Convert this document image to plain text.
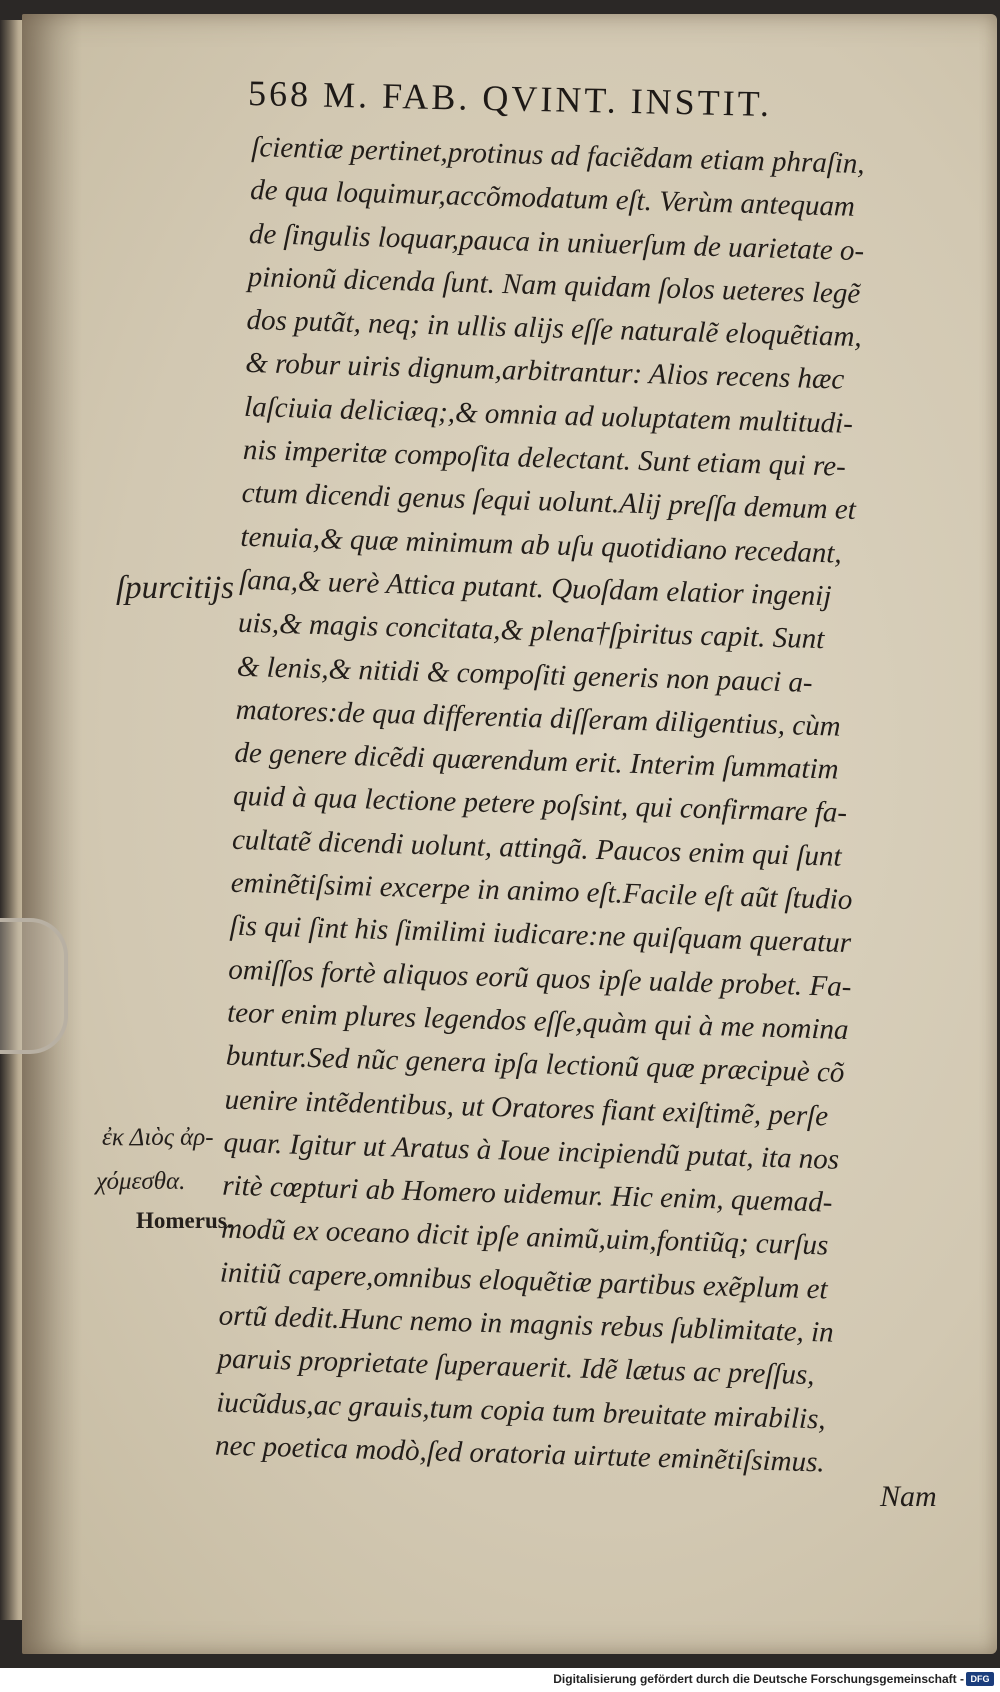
568 M. FAB. QVINT. INSTIT.
ſcientiæ pertinet,protinus ad faciẽdam etiam phraſin,
de qua loquimur,accõmodatum eſt. Verùm antequam
de ſingulis loquar,pauca in uniuerſum de uarietate o-
pinionũ dicenda ſunt. Nam quidam ſolos ueteres legẽ
dos putãt, neq; in ullis alijs eſſe naturalẽ eloquẽtiam,
& robur uiris dignum,arbitrantur: Alios recens hæc
laſciuia deliciæq;,& omnia ad uoluptatem multitudi-
nis imperitæ compoſita delectant. Sunt etiam qui re-
ctum dicendi genus ſequi uolunt.Alij preſſa demum et
tenuia,& quæ minimum ab uſu quotidiano recedant,
ſana,& uerè Attica putant. Quoſdam elatior ingenij
uis,& magis concitata,& plena†ſpiritus capit. Sunt
& lenis,& nitidi & compoſiti generis non pauci a-
matores:de qua differentia diſſeram diligentius, cùm
de genere dicẽdi quærendum erit. Interim ſummatim
quid à qua lectione petere poſsint, qui confirmare fa-
cultatẽ dicendi uolunt, attingã. Paucos enim qui ſunt
eminẽtiſsimi excerpe in animo eſt.Facile eſt aũt ſtudio
ſis qui ſint his ſimilimi iudicare:ne quiſquam queratur
omiſſos fortè aliquos eorũ quos ipſe ualde probet. Fa-
teor enim plures legendos eſſe,quàm qui à me nomina
buntur.Sed nũc genera ipſa lectionũ quæ præcipuè cõ
uenire intẽdentibus, ut Oratores fiant exiſtimẽ, perſe
quar. Igitur ut Aratus à Ioue incipiendũ putat, ita nos
ritè cœpturi ab Homero uidemur. Hic enim, quemad-
modũ ex oceano dicit ipſe animũ,uim,fontiũq; curſus
initiũ capere,omnibus eloquẽtiæ partibus exẽplum et
ortũ dedit.Hunc nemo in magnis rebus ſublimitate, in
paruis proprietate ſuperauerit. Idẽ lætus ac preſſus,
iucũdus,ac grauis,tum copia tum breuitate mirabilis,
nec poetica modò,ſed oratoria uirtute eminẽtiſsimus.
ſpurcitijs
ἐκ Διὸς ἀρ-
χόμεσθα.
Homerus.
Nam
Digitalisierung gefördert durch die Deutsche Forschungsgemeinschaft - DFG
